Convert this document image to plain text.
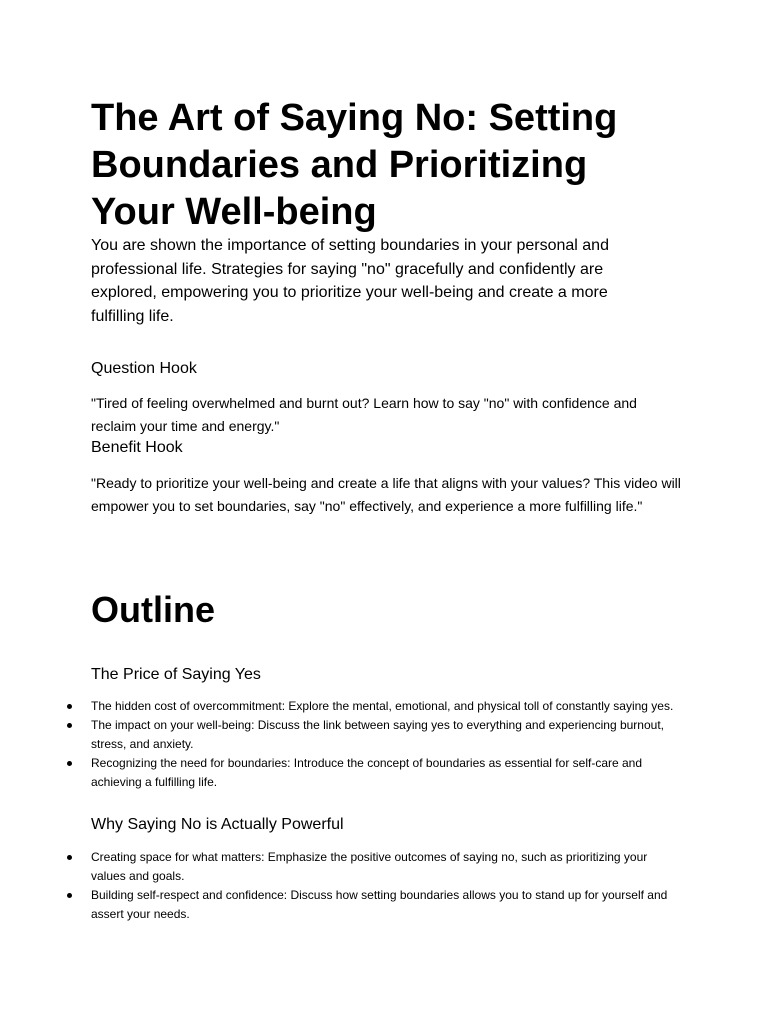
The Art of Saying No: Setting Boundaries and Prioritizing Your Well-being

You are shown the importance of setting boundaries in your personal and professional life. Strategies for saying "no" gracefully and confidently are explored, empowering you to prioritize your well-being and create a more fulfilling life.

Question Hook

"Tired of feeling overwhelmed and burnt out? Learn how to say "no" with confidence and reclaim your time and energy."

Benefit Hook

"Ready to prioritize your well-being and create a life that aligns with your values? This video will empower you to set boundaries, say "no" effectively, and experience a more fulfilling life."

Outline
The Price of Saying Yes
The hidden cost of overcommitment: Explore the mental, emotional, and physical toll of constantly saying yes.
The impact on your well-being: Discuss the link between saying yes to everything and experiencing burnout, stress, and anxiety.
Recognizing the need for boundaries: Introduce the concept of boundaries as essential for self-care and achieving a fulfilling life.
Why Saying No is Actually Powerful
Creating space for what matters: Emphasize the positive outcomes of saying no, such as prioritizing your values and goals.
Building self-respect and confidence: Discuss how setting boundaries allows you to stand up for yourself and assert your needs.
